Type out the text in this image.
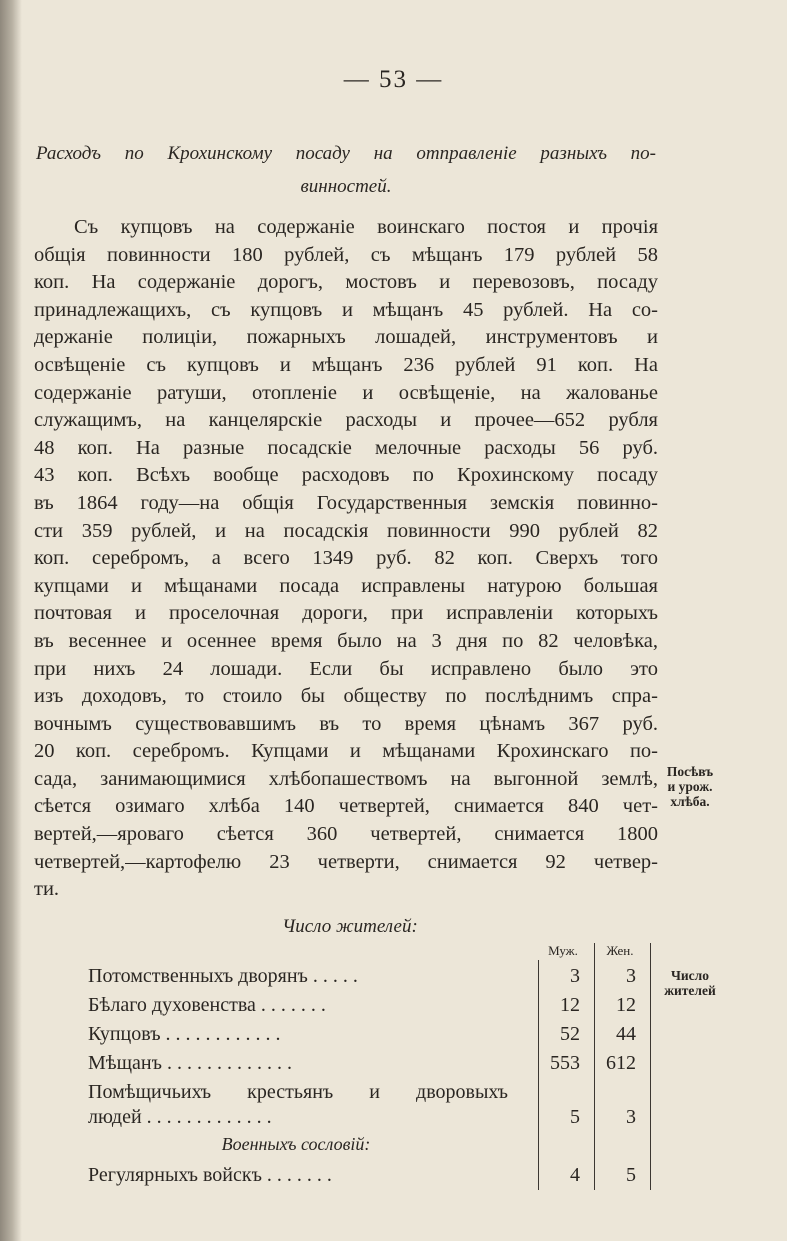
— 53 —
Расходъ по Крохинскому посаду на отправленіе разныхъ по-
винностей.
Съ купцовъ на содержаніе воинскаго постоя и прочія
общія повинности 180 рублей, съ мѣщанъ 179 рублей 58
коп. На содержаніе дорогъ, мостовъ и перевозовъ, посаду
принадлежащихъ, съ купцовъ и мѣщанъ 45 рублей. На со-
держаніе полиціи, пожарныхъ лошадей, инструментовъ и
освѣщеніе съ купцовъ и мѣщанъ 236 рублей 91 коп. На
содержаніе ратуши, отопленіе и освѣщеніе, на жалованье
служащимъ, на канцелярскіе расходы и прочее—652 рубля
48 коп. На разные посадскіе мелочные расходы 56 руб.
43 коп. Всѣхъ вообще расходовъ по Крохинскому посаду
въ 1864 году—на общія Государственныя земскія повинно-
сти 359 рублей, и на посадскія повинности 990 рублей 82
коп. серебромъ, а всего 1349 руб. 82 коп. Сверхъ того
купцами и мѣщанами посада исправлены натурою большая
почтовая и проселочная дороги, при исправленіи которыхъ
въ весеннее и осеннее время было на 3 дня по 82 человѣка,
при нихъ 24 лошади. Если бы исправлено было это
изъ доходовъ, то стоило бы обществу по послѣднимъ спра-
вочнымъ существовавшимъ въ то время цѣнамъ 367 руб.
20 коп. серебромъ. Купцами и мѣщанами Крохинскаго по-
сада, занимающимися хлѣбопашествомъ на выгонной землѣ,
сѣется озимаго хлѣба 140 четвертей, снимается 840 чет-
вертей,—яроваго сѣется 360 четвертей, снимается 1800
четвертей,—картофелю 23 четверти, снимается 92 четвер-
ти.
Посѣвъ
и урож.
хлѣба.
Число
жителей
Число жителей:
Муж.	Жен.
Потомственныхъ дворянъ . . . . .	3	3
Бѣлаго духовенства . . . . . . .	12	12
Купцовъ . . . . . . . . . . . .	52	44
Мѣщанъ . . . . . . . . . . . . .	553	612
Помѣщичьихъ крестьянъ и дворовыхъ
людей . . . . . . . . . . . . .	5	3
Военныхъ сословій:
Регулярныхъ войскъ . . . . . . .	4	5
